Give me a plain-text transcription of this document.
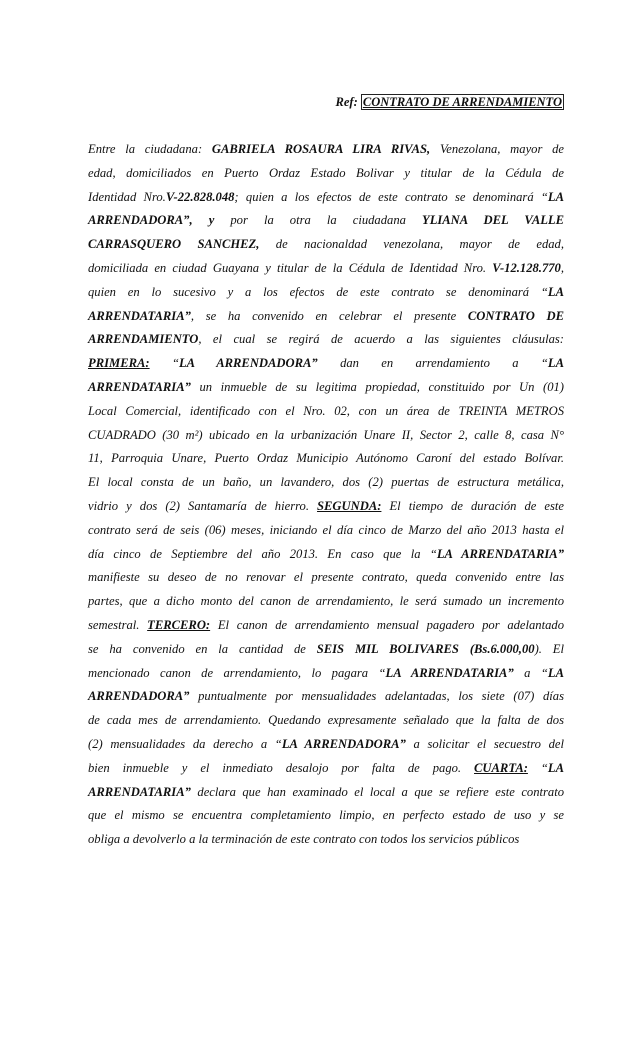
Ref: CONTRATO DE ARRENDAMIENTO
Entre la ciudadana: GABRIELA ROSAURA LIRA RIVAS, Venezolana, mayor de
edad, domiciliados en Puerto Ordaz Estado Bolivar y titular de la Cédula de
Identidad Nro.V-22.828.048; quien a los efectos de este contrato se denominará “LA
ARRENDADORA”, y por la otra la ciudadana YLIANA DEL VALLE
CARRASQUERO SANCHEZ, de nacionaldad venezolana, mayor de edad,
domiciliada en ciudad Guayana y titular de la Cédula de Identidad Nro. V-12.128.770,
quien en lo sucesivo y a los efectos de este contrato se denominará “LA
ARRENDATARIA”, se ha convenido en celebrar el presente CONTRATO DE
ARRENDAMIENTO, el cual se regirá de acuerdo a las siguientes cláusulas:
PRIMERA: “LA ARRENDADORA” dan en arrendamiento a “LA
ARRENDATARIA” un inmueble de su legitima propiedad, constituido por Un (01)
Local Comercial, identificado con el Nro. 02, con un área de TREINTA METROS
CUADRADO (30 m²) ubicado en la urbanización Unare II, Sector 2, calle 8, casa N°
11, Parroquia Unare, Puerto Ordaz Municipio Autónomo Caroní del estado Bolívar.
El local consta de un baño, un lavandero, dos (2) puertas de estructura metálica,
vidrio y dos (2) Santamaría de hierro. SEGUNDA: El tiempo de duración de este
contrato será de seis (06) meses, iniciando el día cinco de Marzo del año 2013 hasta el
día cinco de Septiembre del año 2013. En caso que la “LA ARRENDATARIA”
manifieste su deseo de no renovar el presente contrato, queda convenido entre las
partes, que a dicho monto del canon de arrendamiento, le será sumado un incremento
semestral. TERCERO: El canon de arrendamiento mensual pagadero por adelantado
se ha convenido en la cantidad de SEIS MIL BOLIVARES (Bs.6.000,00). El
mencionado canon de arrendamiento, lo pagara “LA ARRENDATARIA” a “LA
ARRENDADORA” puntualmente por mensualidades adelantadas, los siete (07) días
de cada mes de arrendamiento. Quedando expresamente señalado que la falta de dos
(2) mensualidades da derecho a “LA ARRENDADORA” a solicitar el secuestro del
bien inmueble y el inmediato desalojo por falta de pago. CUARTA: “LA
ARRENDATARIA” declara que han examinado el local a que se refiere este contrato
que el mismo se encuentra completamiento limpio, en perfecto estado de uso y se
obliga a devolverlo a la terminación de este contrato con todos los servicios públicos
